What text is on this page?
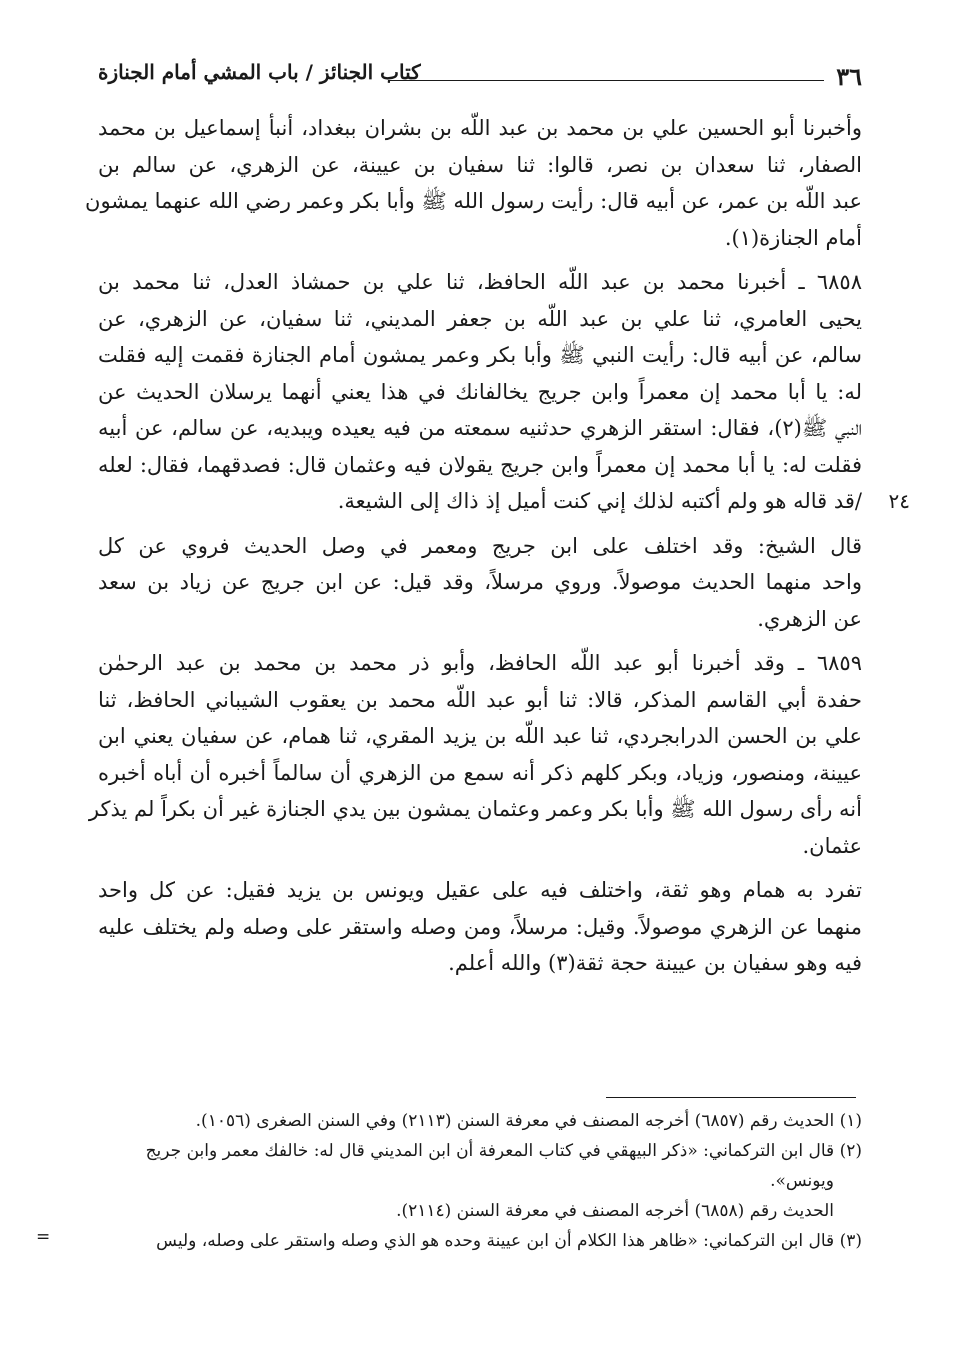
٣٦
كتاب الجنائز / باب المشي أمام الجنازة

وأخبرنا أبو الحسين علي بن محمد بن عبد اللّه بن بشران ببغداد، أنبأ إسماعيل بن محمد
الصفار، ثنا سعدان بن نصر، قالوا: ثنا سفيان بن عيينة، عن الزهري، عن سالم بن
عبد اللّه بن عمر، عن أبيه قال: رأيت رسول الله ﷺ وأبا بكر وعمر رضي الله عنهما يمشون
أمام الجنازة(١).

٦٨٥٨ ـ أخبرنا محمد بن عبد اللّه الحافظ، ثنا علي بن حمشاذ العدل، ثنا محمد بن
يحيى العامري، ثنا علي بن عبد اللّه بن جعفر المديني، ثنا سفيان، عن الزهري، عن
سالم، عن أبيه قال: رأيت النبي ﷺ وأبا بكر وعمر يمشون أمام الجنازة فقمت إليه فقلت
له: يا أبا محمد إن معمراً وابن جريج يخالفانك في هذا يعني أنهما يرسلان الحديث عن
النبي ﷺ(٢)، فقال: استقر الزهري حدثنيه سمعته من فيه يعيده ويبديه، عن سالم، عن أبيه
فقلت له: يا أبا محمد إن معمراً وابن جريج يقولان فيه وعثمان قال: فصدقهما، فقال: لعله
/قد قاله هو ولم أكتبه لذلك إني كنت أميل إذ ذاك إلى الشيعة. ٢٤

قال الشيخ: وقد اختلف على ابن جريج ومعمر في وصل الحديث فروي عن كل
واحد منهما الحديث موصولاً. وروي مرسلاً، وقد قيل: عن ابن جريج عن زياد بن سعد
عن الزهري.

٦٨٥٩ ـ وقد أخبرنا أبو عبد اللّه الحافظ، وأبو ذر محمد بن محمد بن عبد الرحمٰن
حفدة أبي القاسم المذكر، قالا: ثنا أبو عبد اللّه محمد بن يعقوب الشيباني الحافظ، ثنا
علي بن الحسن الدرابجردي، ثنا عبد اللّه بن يزيد المقري، ثنا همام، عن سفيان يعني ابن
عيينة، ومنصور، وزياد، وبكر كلهم ذكر أنه سمع من الزهري أن سالماً أخبره أن أباه أخبره
أنه رأى رسول الله ﷺ وأبا بكر وعمر وعثمان يمشون بين يدي الجنازة غير أن بكراً لم يذكر
عثمان.

تفرد به همام وهو ثقة، واختلف فيه على عقيل ويونس بن يزيد فقيل: عن كل واحد
منهما عن الزهري موصولاً. وقيل: مرسلاً، ومن وصله واستقر على وصله ولم يختلف عليه
فيه وهو سفيان بن عيينة حجة ثقة(٣) والله أعلم.

(١) الحديث رقم (٦٨٥٧) أخرجه المصنف في معرفة السنن (٢١١٣) وفي السنن الصغرى (١٠٥٦).
(٢) قال ابن التركماني: «ذكر البيهقي في كتاب المعرفة أن ابن المديني قال له: خالفك معمر وابن جريج
ويونس».
الحديث رقم (٦٨٥٨) أخرجه المصنف في معرفة السنن (٢١١٤).
(٣) قال ابن التركماني: «ظاهر هذا الكلام أن ابن عيينة وحده هو الذي وصله واستقر على وصله، وليس
=
